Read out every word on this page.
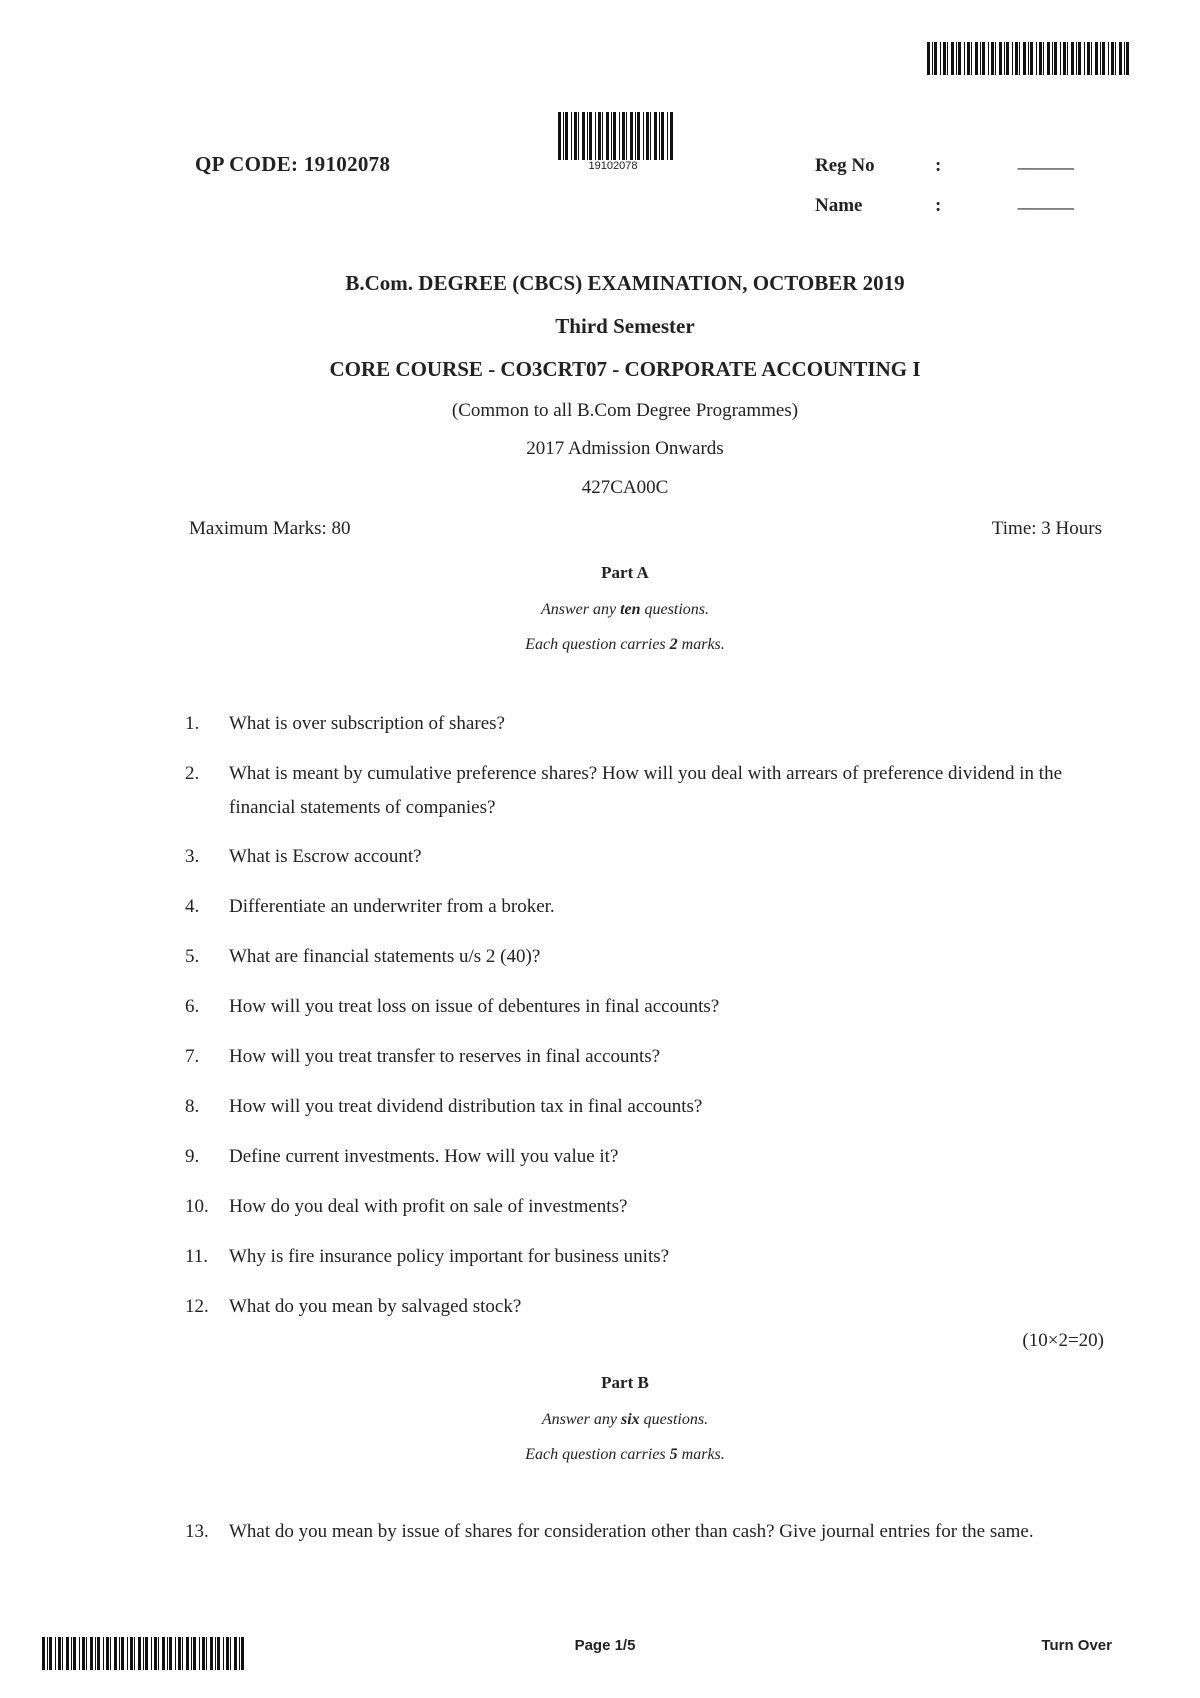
QP CODE: 19102078	19102078	Reg No	:	-----------------
Name	:	-----------------
B.Com. DEGREE (CBCS) EXAMINATION, OCTOBER 2019
Third Semester
CORE COURSE - CO3CRT07 - CORPORATE ACCOUNTING I
(Common to all B.Com Degree Programmes)
2017 Admission Onwards
427CA00C
Maximum Marks: 80	Time: 3 Hours
Part A
Answer any ten questions.
Each question carries 2 marks.
1.	What is over subscription of shares?
2.	What is meant by cumulative preference shares? How will you deal with arrears of preference dividend in the financial statements of companies?
3.	What is Escrow account?
4.	Differentiate an underwriter from a broker.
5.	What are financial statements u/s 2 (40)?
6.	How will you treat loss on issue of debentures in final accounts?
7.	How will you treat transfer to reserves in final accounts?
8.	How will you treat dividend distribution tax in final accounts?
9.	Define current investments. How will you value it?
10.	How do you deal with profit on sale of investments?
11.	Why is fire insurance policy important for business units?
12.	What do you mean by salvaged stock?
(10×2=20)
Part B
Answer any six questions.
Each question carries 5 marks.
13.	What do you mean by issue of shares for consideration other than cash? Give journal entries for the same.
Page 1/5	Turn Over
